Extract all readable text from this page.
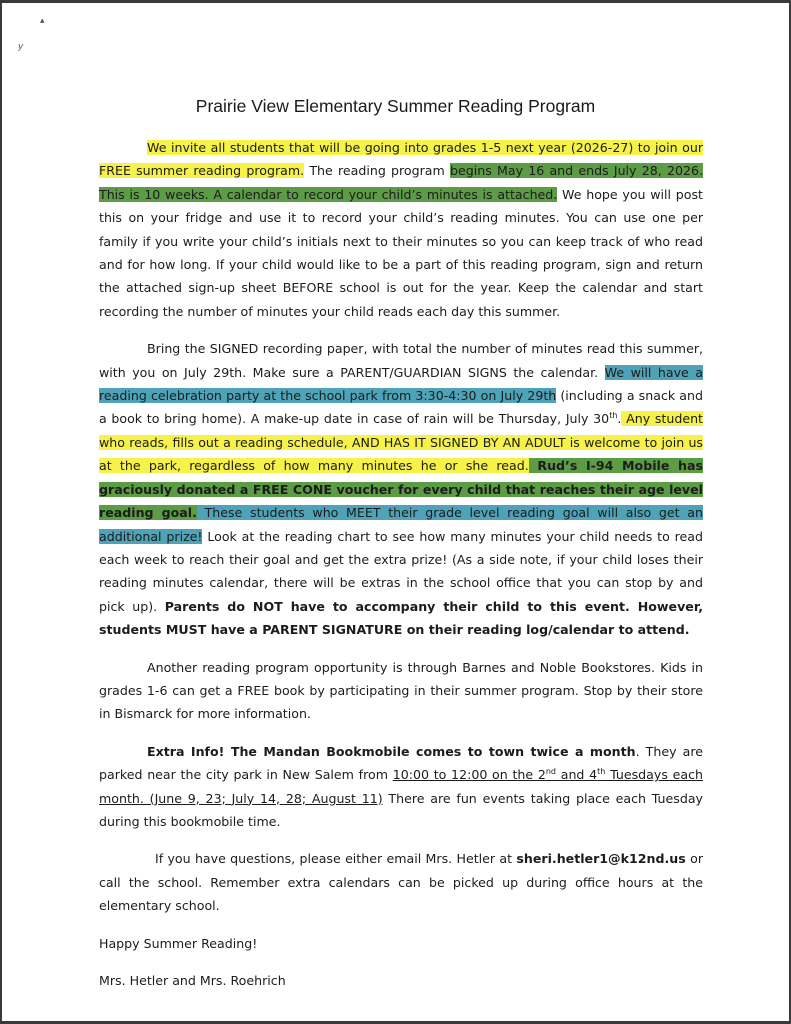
▴
y
Prairie View Elementary Summer Reading Program

We invite all students that will be going into grades 1-5 next year (2026-27) to join our FREE summer reading program. The reading program begins May 16 and ends July 28, 2026. This is 10 weeks. A calendar to record your child’s minutes is attached. We hope you will post this on your fridge and use it to record your child’s reading minutes. You can use one per family if you write your child’s initials next to their minutes so you can keep track of who read and for how long. If your child would like to be a part of this reading program, sign and return the attached sign-up sheet BEFORE school is out for the year. Keep the calendar and start recording the number of minutes your child reads each day this summer.

Bring the SIGNED recording paper, with total the number of minutes read this summer, with you on July 29th. Make sure a PARENT/GUARDIAN SIGNS the calendar. We will have a reading celebration party at the school park from 3:30-4:30 on July 29th (including a snack and a book to bring home). A make-up date in case of rain will be Thursday, July 30th. Any student who reads, fills out a reading schedule, AND HAS IT SIGNED BY AN ADULT is welcome to join us at the park, regardless of how many minutes he or she read. Rud’s I-94 Mobile has graciously donated a FREE CONE voucher for every child that reaches their age level reading goal. These students who MEET their grade level reading goal will also get an additional prize! Look at the reading chart to see how many minutes your child needs to read each week to reach their goal and get the extra prize! (As a side note, if your child loses their reading minutes calendar, there will be extras in the school office that you can stop by and pick up). Parents do NOT have to accompany their child to this event. However, students MUST have a PARENT SIGNATURE on their reading log/calendar to attend.

Another reading program opportunity is through Barnes and Noble Bookstores. Kids in grades 1-6 can get a FREE book by participating in their summer program. Stop by their store in Bismarck for more information.

Extra Info! The Mandan Bookmobile comes to town twice a month. They are parked near the city park in New Salem from 10:00 to 12:00 on the 2nd and 4th Tuesdays each month. (June 9, 23; July 14, 28; August 11) There are fun events taking place each Tuesday during this bookmobile time.

If you have questions, please either email Mrs. Hetler at sheri.hetler1@k12nd.us or call the school. Remember extra calendars can be picked up during office hours at the elementary school.

Happy Summer Reading!

Mrs. Hetler and Mrs. Roehrich
